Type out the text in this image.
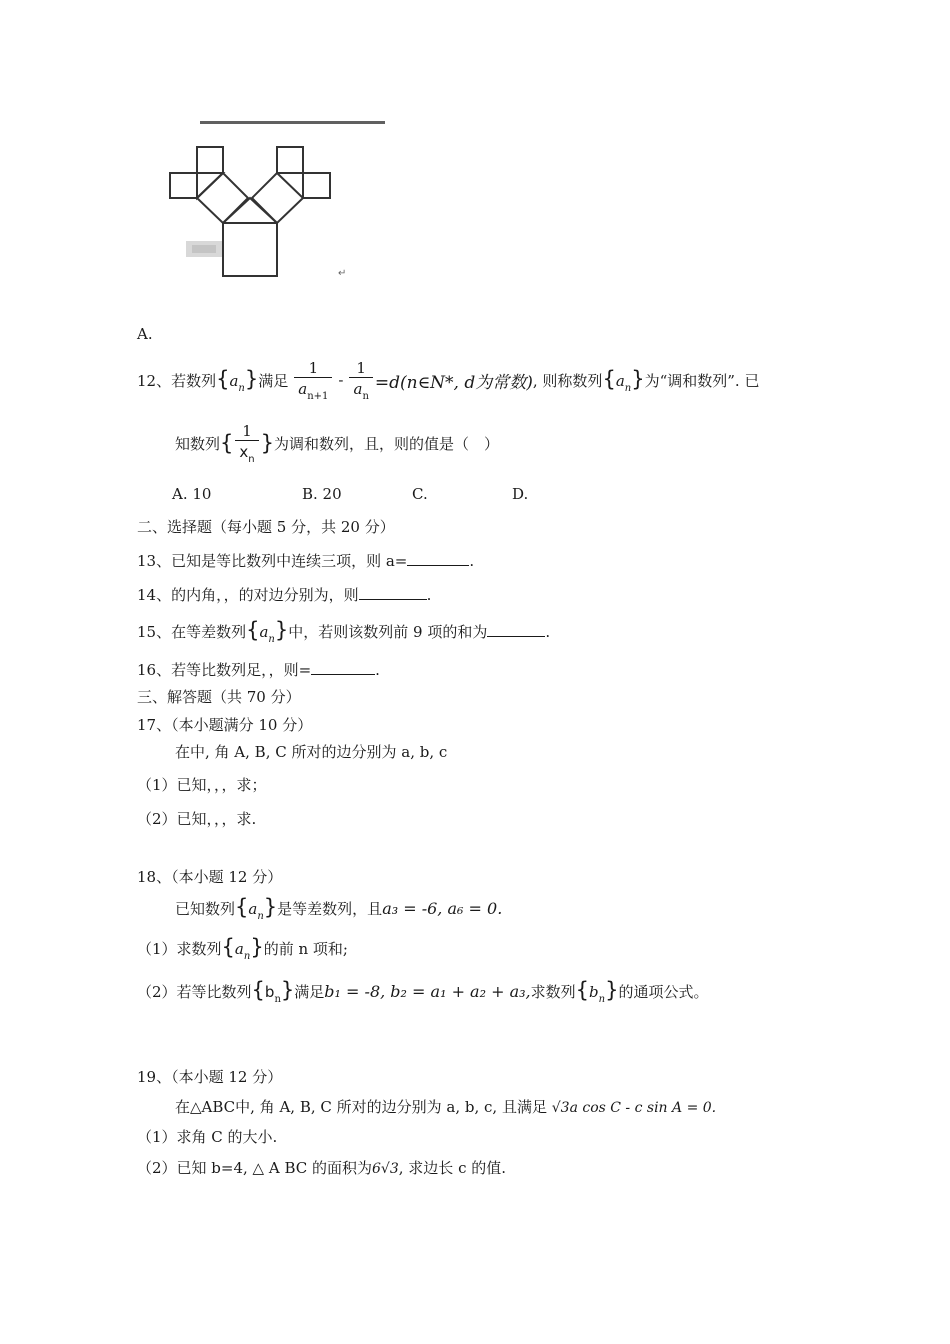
↵
A.
12、若数列 $\{a_n\}$ 满足 $\frac{1}{a_{n+1}} - \frac{1}{a_n}$ =d(n∈N*, d为常数) , 则称数列 $\{a_n\}$ 为“调和数列”. 已
知数列 { $\frac{1}{x_n}$ } 为调和数列，且，则的值是（　）
A. 10	B. 20	C.	D.
二、选择题（每小题 5 分，共 20 分）
13、已知是等比数列中连续三项，则 a=	.
14、的内角，，的对边分别为，则	.
15、在等差数列$\{a_n\}$中，若则该数列前 9 项的和为	.
16、若等比数列足，，则=	.
三、解答题（共 70 分）
17、（本小题满分 10 分）
在中, 角 A, B, C 所对的边分别为 a, b, c
（1）已知，，，求；
（2）已知，，，求.
18、（本小题 12 分）
已知数列$\{a_n\}$是等差数列，且a₃ = -6, a₆ = 0.
（1）求数列$\{a_n\}$的前 n 项和;
（2）若等比数列$\{b_n\}$满足b₁ = -8, b₂ = a₁ + a₂ + a₃,求数列$\{b_n\}$的通项公式。
19、（本小题 12 分）
在△ABC中, 角 A, B, C 所对的边分别为 a, b, c, 且满足 √3a cos C - c sin A = 0.
（1）求角 C 的大小.
（2）已知 b=4, △ A BC 的面积为6√3, 求边长 c 的值.
